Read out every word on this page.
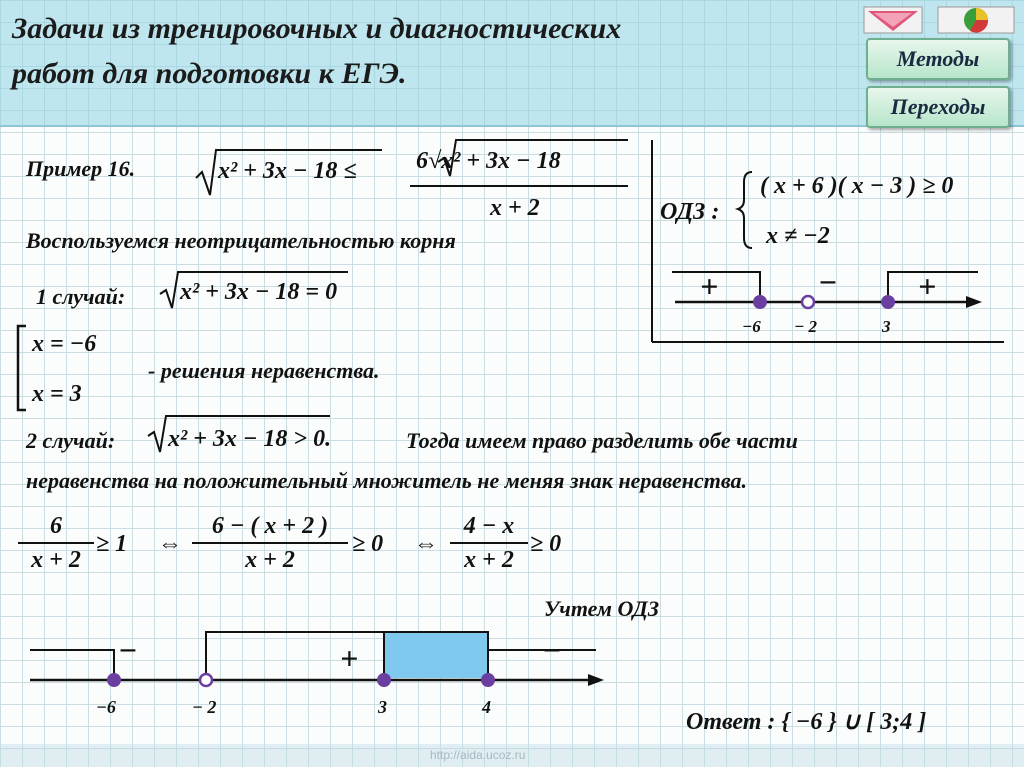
Задачи из тренировочных и диагностических
работ для подготовки к ЕГЭ.	Методы
Переходы
Пример 16.	x² + 3x − 18 ≤ 6√x² + 3x − 18
x + 2
Воспользуемся неотрицательностью корня
ОДЗ :
( x + 6 )( x − 3 ) ≥ 0
x ≠ −2
+	−	+
−6 − 2	3
1 случай: x² + 3x − 18 = 0
x = −6
x = 3
- решения неравенства.
2 случай: x² + 3x − 18 > 0.	Тогда имеем право разделить обе части
неравенства на положительный множитель не меняя знак неравенства.
$\frac{6}{x + 2} \ge 1$ ⇔ $\frac{6 - ( x + 2 )}{x + 2} \ge 0$ ⇔ $\frac{4 - x}{x + 2} \ge 0$
Учтем ОДЗ
−	+	−
−6	− 2	3	4
Ответ : { −6 } ∪ [ 3;4 ]
http://aida.ucoz.ru
